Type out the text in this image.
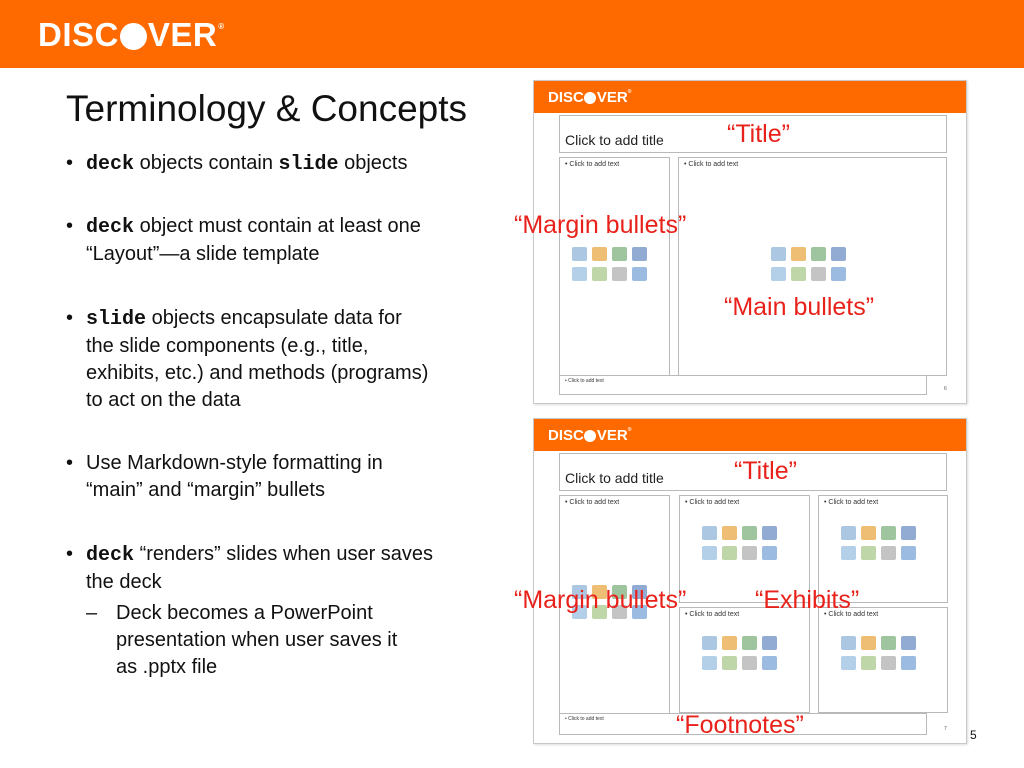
DISC VER ®
Terminology & Concepts
• deck objects contain slide objects
• deck object must contain at least one
“Layout”—a slide template
• slide objects encapsulate data for
the slide components (e.g., title,
exhibits, etc.) and methods (programs)
to act on the data
• Use Markdown-style formatting in
“main” and “margin” bullets
• deck “renders” slides when user saves
the deck
– Deck becomes a PowerPoint
presentation when user saves it
as .pptx file
DISC VER ®
Click to add title
• Click to add text	• Click to add text
• Click to add text
6
DISC VER ®
Click to add title
• Click to add text	• Click to add text	• Click to add text
• Click to add text	• Click to add text
• Click to add text
7
“Title”
“Margin bullets”
“Main bullets”
“Title”
“Margin bullets”	“Exhibits”
“Footnotes”	5
